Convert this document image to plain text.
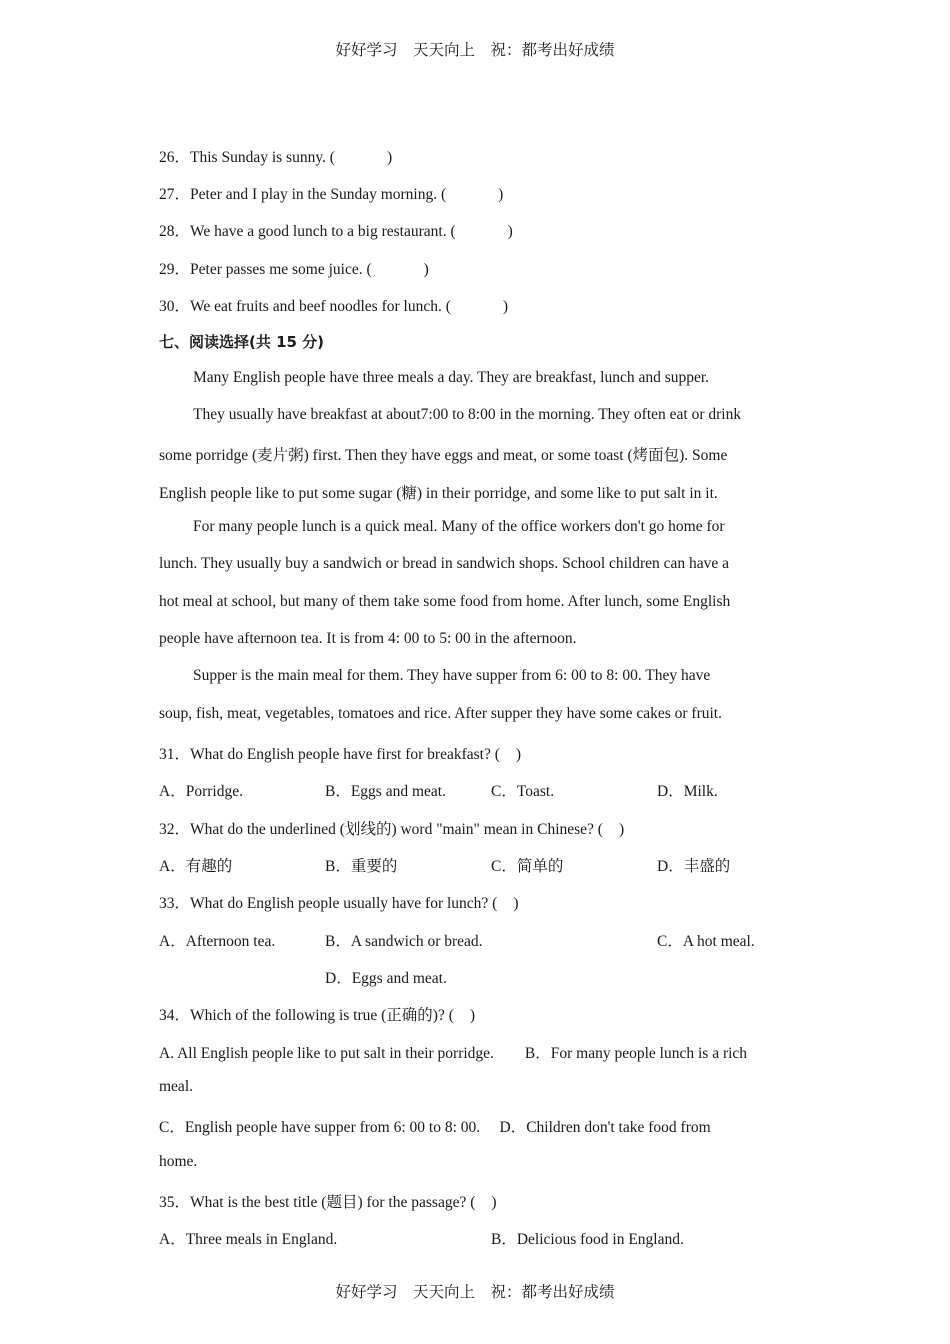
好好学习　天天向上　祝：都考出好成绩
26．This Sunday is sunny. (	)
27．Peter and I play in the Sunday morning. (	)
28．We have a good lunch to a big restaurant. (	)
29．Peter passes me some juice. (	)
30．We eat fruits and beef noodles for lunch. (	)
七、阅读选择(共 15 分)
Many English people have three meals a day. They are breakfast, lunch and supper.
They usually have breakfast at about7:00 to 8:00 in the morning. They often eat or drink
some porridge (麦片粥) first. Then they have eggs and meat, or some toast (烤面包). Some
English people like to put some sugar (糖) in their porridge, and some like to put salt in it.
For many people lunch is a quick meal. Many of the office workers don't go home for
lunch. They usually buy a sandwich or bread in sandwich shops. School children can have a
hot meal at school, but many of them take some food from home. After lunch, some English
people have afternoon tea. It is from 4: 00 to 5: 00 in the afternoon.
Supper is the main meal for them. They have supper from 6: 00 to 8: 00. They have
soup, fish, meat, vegetables, tomatoes and rice. After supper they have some cakes or fruit.
31．What do English people have first for breakfast? ( )
A．Porridge.	B．Eggs and meat.	C．Toast.	D．Milk.
32．What do the underlined (划线的) word "main" mean in Chinese? ( )
A．有趣的	B．重要的	C．简单的	D．丰盛的
33．What do English people usually have for lunch? ( )
A．Afternoon tea.	B．A sandwich or bread.	C．A hot meal.
D．Eggs and meat.
34．Which of the following is true (正确的)? ( )
A. All English people like to put salt in their porridge.　　B．For many people lunch is a rich
meal.
C．English people have supper from 6: 00 to 8: 00.　 D．Children don't take food from
home.
35．What is the best title (题目) for the passage? ( )
A．Three meals in England.	B．Delicious food in England.
好好学习　天天向上　祝：都考出好成绩
